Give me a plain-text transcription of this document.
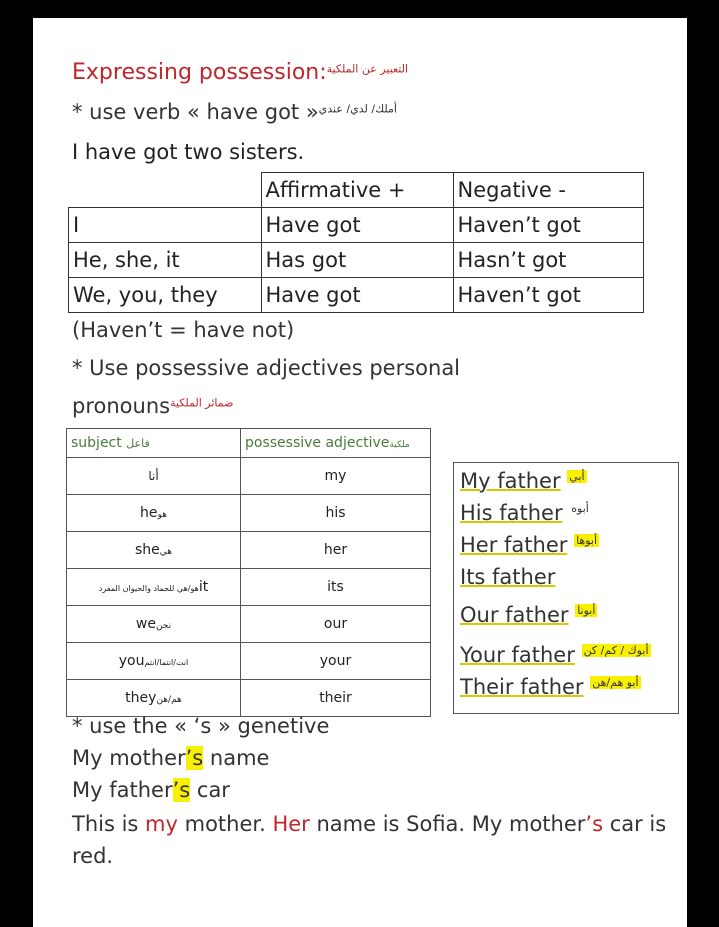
Expressing possession:$^{التعبير عن الملكية}$
* use verb « have got »$^{أملك/ لدي/ عندي}$
I have got two sisters.
	Affirmative +	Negative -
I	Have got	Haven’t got
He, she, it	Has got	Hasn’t got
We, you, they	Have got	Haven’t got
(Haven’t = have not)
* Use possessive adjectives personal
pronouns$^{ضمائر الملكية}$
subject فاعل	possessive adjectiveملكية
أنا	my
heهو	his
sheهي	her
هو/هي للجماد والحيوان المفردit	its
weنحن	our
youانت/انتما/انتم	your
theyهم/هن	their
My father $^{أبي}$
His father $^{أبوه}$
Her father $^{أبوها}$
Its father
Our father $^{أبونا}$
Your father $^{أبوك / كم/ كن}$
Their father $^{أبو هم/هن}$
* use the « ‘s » genetive
My mother’s name
My father’s car
This is my mother. Her name is Sofia. My mother’s car is
red.
